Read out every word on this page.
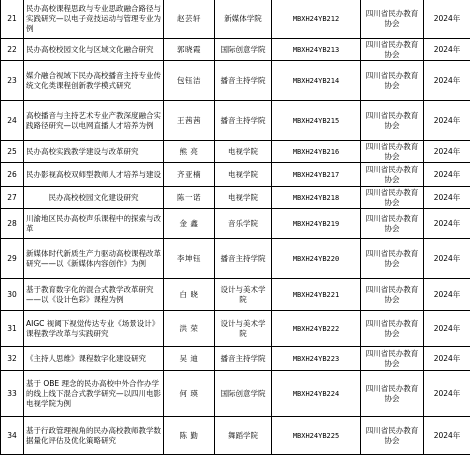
21	民办高校课程思政与专业思政融合路径与实践研究—以电子竞技运动与管理专业为例	赵芸轩	新媒体学院	MBXH24YB212	四川省民办教育协会	2024年
22	民办高校校园文化与区域文化融合研究	郭晓霞	国际创意学院	MBXH24YB213	四川省民办教育协会	2024年
23	媒介融合视域下民办高校播音主持专业传统文化类课程创新教学模式研究	包钰洁	播音主持学院	MBXH24YB214	四川省民办教育协会	2024年
24	高校播音与主持艺术专业产教深度融合实践路径研究—以电网直播人才培养为例	王茜茜	播音主持学院	MBXH24YB215	四川省民办教育协会	2024年
25	民办高校实践教学建设与改革研究	熊 亮	电视学院	MBXH24YB216	四川省民办教育协会	2024年
26	民办影视高校双师型教师人才培养与建设	齐亚楠	电视学院	MBXH24YB217	四川省民办教育协会	2024年
27	民办高校校园文化建设研究	陈一诺	电视学院	MBXH24YB218	四川省民办教育协会	2024年
28	川渝地区民办高校声乐课程中的探索与改革	金 鑫	音乐学院	MBXH24YB219	四川省民办教育协会	2024年
29	新媒体时代新质生产力驱动高校课程改革研究——以《新媒体内容创作》为例	李坤钰	播音主持学院	MBXH24YB220	四川省民办教育协会	2024年
30	基于教育数字化的混合式教学改革研究——以《设计色彩》课程为例	白 晓	设计与美术学院	MBXH24YB221	四川省民办教育协会	2024年
31	AIGC 视阈下视觉传达专业《场景设计》课程教学改革与实践研究	洪 荣	设计与美术学院	MBXH24YB222	四川省民办教育协会	2024年
32	《主持人思维》课程数字化建设研究	吴 迪	播音主持学院	MBXH24YB223	四川省民办教育协会	2024年
33	基于 OBE 理念的民办高校中外合作办学的线上线下混合式教学研究—以四川电影电视学院为例	何 瑛	国际创意学院	MBXH24YB224	四川省民办教育协会	2024年
34	基于行政管理视角的民办高校教师教学数据量化评估及优化策略研究	陈 勤	舞蹈学院	MBXH24YB225	四川省民办教育协会	2024年
